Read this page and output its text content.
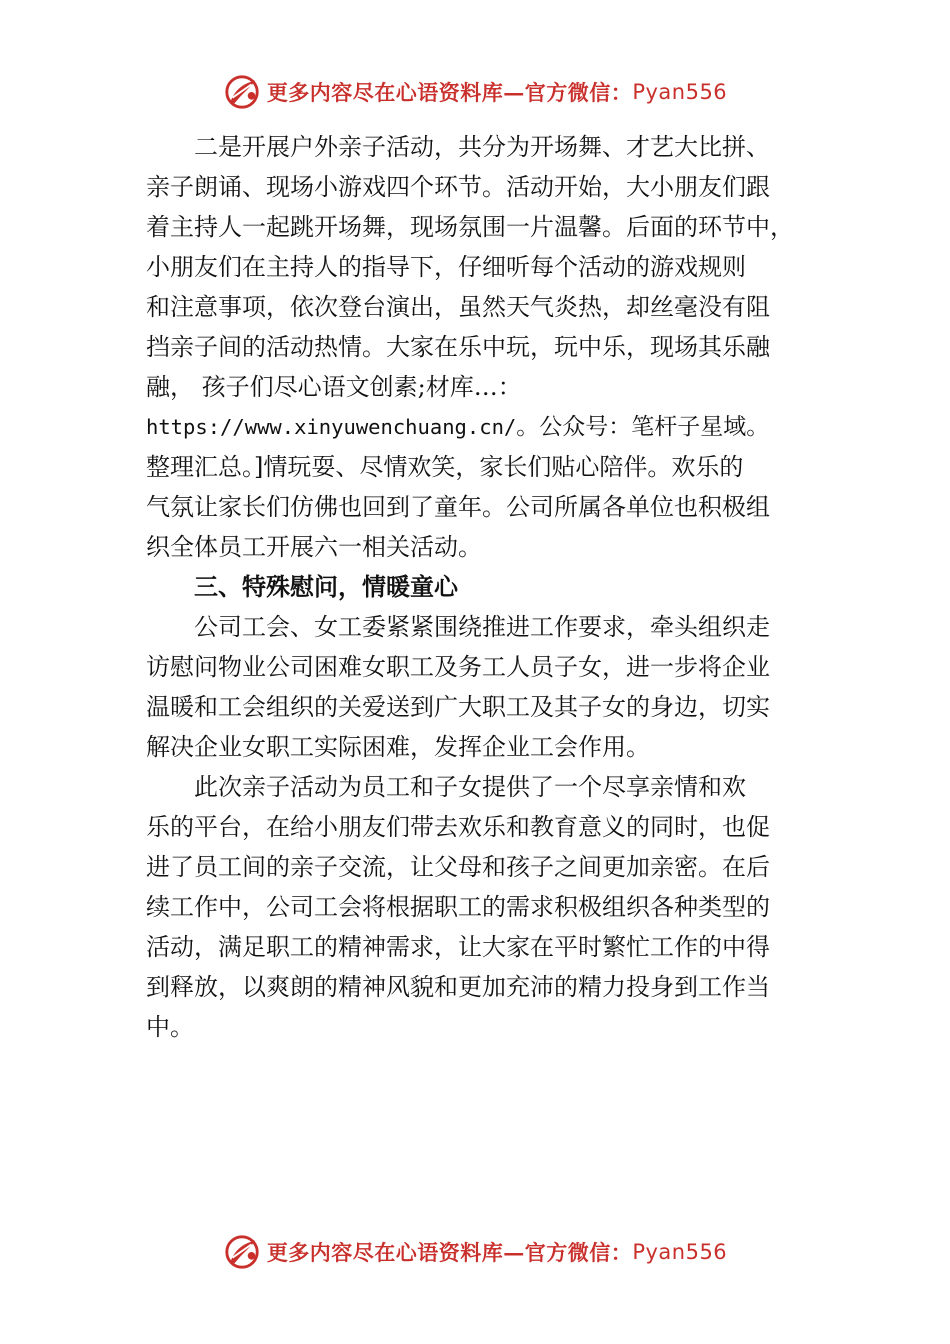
更多内容尽在心语资料库—官方微信： Pyan556
　　二是开展户外亲子活动，共分为开场舞、才艺大比拼、
亲子朗诵、现场小游戏四个环节。活动开始，大小朋友们跟
着主持人一起跳开场舞，现场氛围一片温馨。后面的环节中，
小朋友们在主持人的指导下，仔细听每个活动的游戏规则
和注意事项，依次登台演出，虽然天气炎热，却丝毫没有阻
挡亲子间的活动热情。大家在乐中玩，玩中乐，现场其乐融
融， 孩子们尽心语文创素;材库…：
https://www.xinyuwenchuang.cn/。公众号：笔杆子星域。
整理汇总。]情玩耍、尽情欢笑，家长们贴心陪伴。欢乐的
气氛让家长们仿佛也回到了童年。公司所属各单位也积极组
织全体员工开展六一相关活动。
　　三、特殊慰问，情暖童心
　　公司工会、女工委紧紧围绕推进工作要求，牵头组织走
访慰问物业公司困难女职工及务工人员子女，进一步将企业
温暖和工会组织的关爱送到广大职工及其子女的身边，切实
解决企业女职工实际困难，发挥企业工会作用。
　　此次亲子活动为员工和子女提供了一个尽享亲情和欢
乐的平台，在给小朋友们带去欢乐和教育意义的同时，也促
进了员工间的亲子交流，让父母和孩子之间更加亲密。在后
续工作中，公司工会将根据职工的需求积极组织各种类型的
活动，满足职工的精神需求，让大家在平时繁忙工作的中得
到释放，以爽朗的精神风貌和更加充沛的精力投身到工作当
中。
更多内容尽在心语资料库—官方微信： Pyan556
